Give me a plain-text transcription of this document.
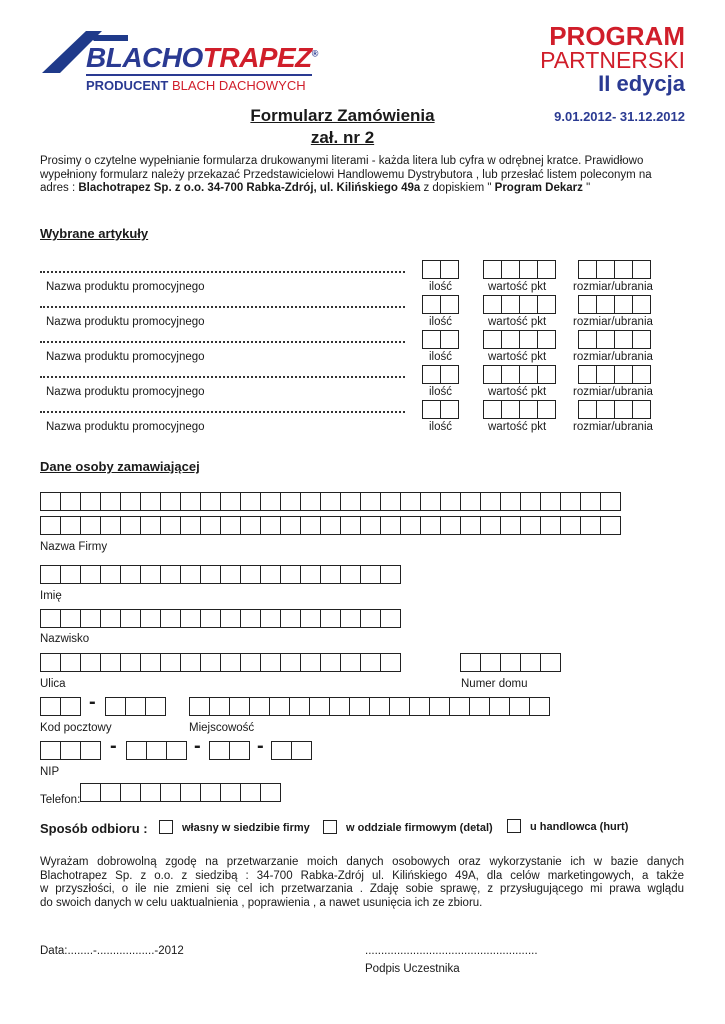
BLACHOTRAPEZ®
PRODUCENT BLACH DACHOWYCH
PROGRAM
PARTNERSKI
II edycja
9.01.2012- 31.12.2012
Formularz Zamówienia
zał. nr 2
Prosimy o czytelne wypełnianie formularza drukowanymi literami - każda litera lub cyfra w odrębnej kratce. Prawidłowo
wypełniony formularz należy przekazać Przedstawicielowi Handlowemu Dystrybutora , lub przesłać listem poleconym na
adres : Blachotrapez Sp. z o.o. 34-700 Rabka-Zdrój, ul. Kilińskiego 49a z dopiskiem " Program Dekarz "
Wybrane artykuły
Nazwa produktu promocyjnego	ilość	wartość pkt rozmiar/ubrania
Nazwa produktu promocyjnego	ilość	wartość pkt rozmiar/ubrania
Nazwa produktu promocyjnego	ilość	wartość pkt rozmiar/ubrania
Nazwa produktu promocyjnego	ilość	wartość pkt rozmiar/ubrania
Nazwa produktu promocyjnego	ilość	wartość pkt rozmiar/ubrania
Dane osoby zamawiającej
Nazwa Firmy
Imię
Nazwisko
Ulica	Numer domu
Kod pocztowy	Miejscowość
NIP
Telefon:
-
-	-	-
Sposób odbioru :	własny w siedzibie firmy	w oddziale firmowym (detal)	u handlowca (hurt)
Wyrażam dobrowolną zgodę na przetwarzanie moich danych osobowych oraz wykorzystanie ich w bazie danych
Blachotrapez Sp. z o.o. z siedzibą : 34-700 Rabka-Zdrój ul. Kilińskiego 49A, dla celów marketingowych, a także
w przyszłości, o ile nie zmieni się cel ich przetwarzania . Zdaję sobie sprawę, z przysługującego mi prawa wglądu
do swoich danych w celu uaktualnienia , poprawienia , a nawet usunięcia ich ze zbioru.
Data:........-..................-2012	......................................................
Podpis Uczestnika
